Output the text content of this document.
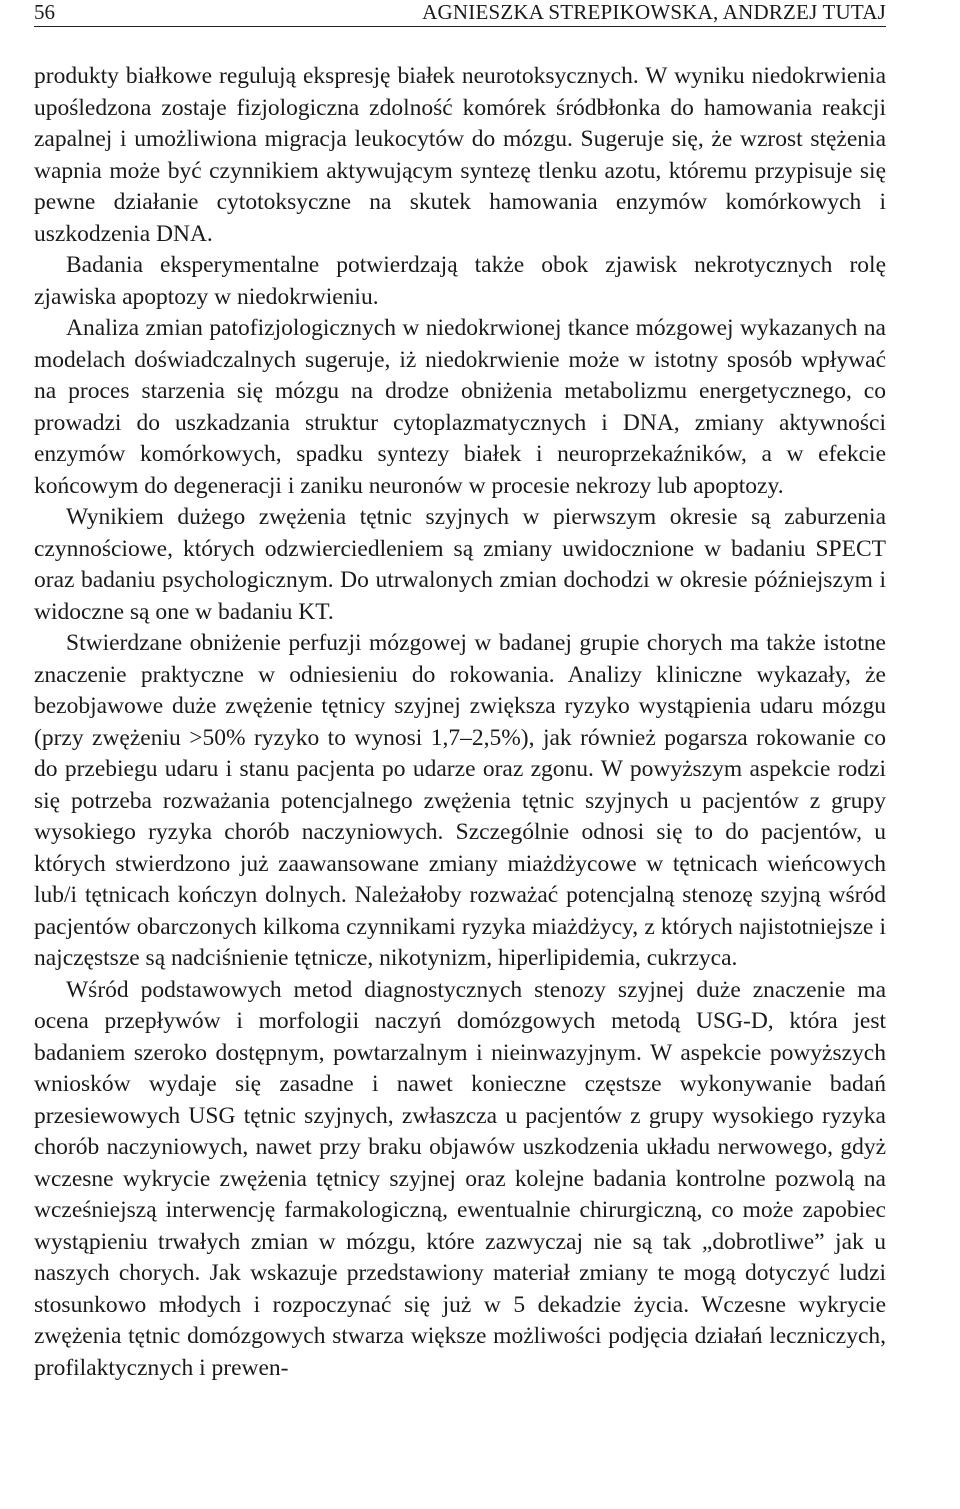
56	AGNIESZKA STREPIKOWSKA, ANDRZEJ TUTAJ

produkty białkowe regulują ekspresję białek neurotoksycznych. W wyniku niedokrwienia upośledzona zostaje fizjologiczna zdolność komórek śródbłonka do hamowania reakcji zapalnej i umożliwiona migracja leukocytów do mózgu. Sugeruje się, że wzrost stężenia wapnia może być czynnikiem aktywującym syntezę tlenku azotu, któremu przypisuje się pewne działanie cytotoksyczne na skutek hamowania enzymów komórkowych i uszkodzenia DNA.

Badania eksperymentalne potwierdzają także obok zjawisk nekrotycznych rolę zjawiska apoptozy w niedokrwieniu.

Analiza zmian patofizjologicznych w niedokrwionej tkance mózgowej wykazanych na modelach doświadczalnych sugeruje, iż niedokrwienie może w istotny sposób wpływać na proces starzenia się mózgu na drodze obniżenia metabolizmu energetycznego, co prowadzi do uszkadzania struktur cytoplazmatycznych i DNA, zmiany aktywności enzymów komórkowych, spadku syntezy białek i neuroprzekaźników, a w efekcie końcowym do degeneracji i zaniku neuronów w procesie nekrozy lub apoptozy.

Wynikiem dużego zwężenia tętnic szyjnych w pierwszym okresie są zaburzenia czynnościowe, których odzwierciedleniem są zmiany uwidocznione w badaniu SPECT oraz badaniu psychologicznym. Do utrwalonych zmian dochodzi w okresie późniejszym i widoczne są one w badaniu KT.

Stwierdzane obniżenie perfuzji mózgowej w badanej grupie chorych ma także istotne znaczenie praktyczne w odniesieniu do rokowania. Analizy kliniczne wykazały, że bezobjawowe duże zwężenie tętnicy szyjnej zwiększa ryzyko wystąpienia udaru mózgu (przy zwężeniu >50% ryzyko to wynosi 1,7–2,5%), jak również pogarsza rokowanie co do przebiegu udaru i stanu pacjenta po udarze oraz zgonu. W powyższym aspekcie rodzi się potrzeba rozważania potencjalnego zwężenia tętnic szyjnych u pacjentów z grupy wysokiego ryzyka chorób naczyniowych. Szczególnie odnosi się to do pacjentów, u których stwierdzono już zaawansowane zmiany miażdżycowe w tętnicach wieńcowych lub/i tętnicach kończyn dolnych. Należałoby rozważać potencjalną stenozę szyjną wśród pacjentów obarczonych kilkoma czynnikami ryzyka miażdżycy, z których najistotniejsze i najczęstsze są nadciśnienie tętnicze, nikotynizm, hiperlipidemia, cukrzyca.

Wśród podstawowych metod diagnostycznych stenozy szyjnej duże znaczenie ma ocena przepływów i morfologii naczyń domózgowych metodą USG-D, która jest badaniem szeroko dostępnym, powtarzalnym i nieinwazyjnym. W aspekcie powyższych wniosków wydaje się zasadne i nawet konieczne częstsze wykonywanie badań przesiewowych USG tętnic szyjnych, zwłaszcza u pacjentów z grupy wysokiego ryzyka chorób naczyniowych, nawet przy braku objawów uszkodzenia układu nerwowego, gdyż wczesne wykrycie zwężenia tętnicy szyjnej oraz kolejne badania kontrolne pozwolą na wcześniejszą interwencję farmakologiczną, ewentualnie chirurgiczną, co może zapobiec wystąpieniu trwałych zmian w mózgu, które zazwyczaj nie są tak „dobrotliwe” jak u naszych chorych. Jak wskazuje przedstawiony materiał zmiany te mogą dotyczyć ludzi stosunkowo młodych i rozpoczynać się już w 5 dekadzie życia. Wczesne wykrycie zwężenia tętnic domózgowych stwarza większe możliwości podjęcia działań leczniczych, profilaktycznych i prewen-
